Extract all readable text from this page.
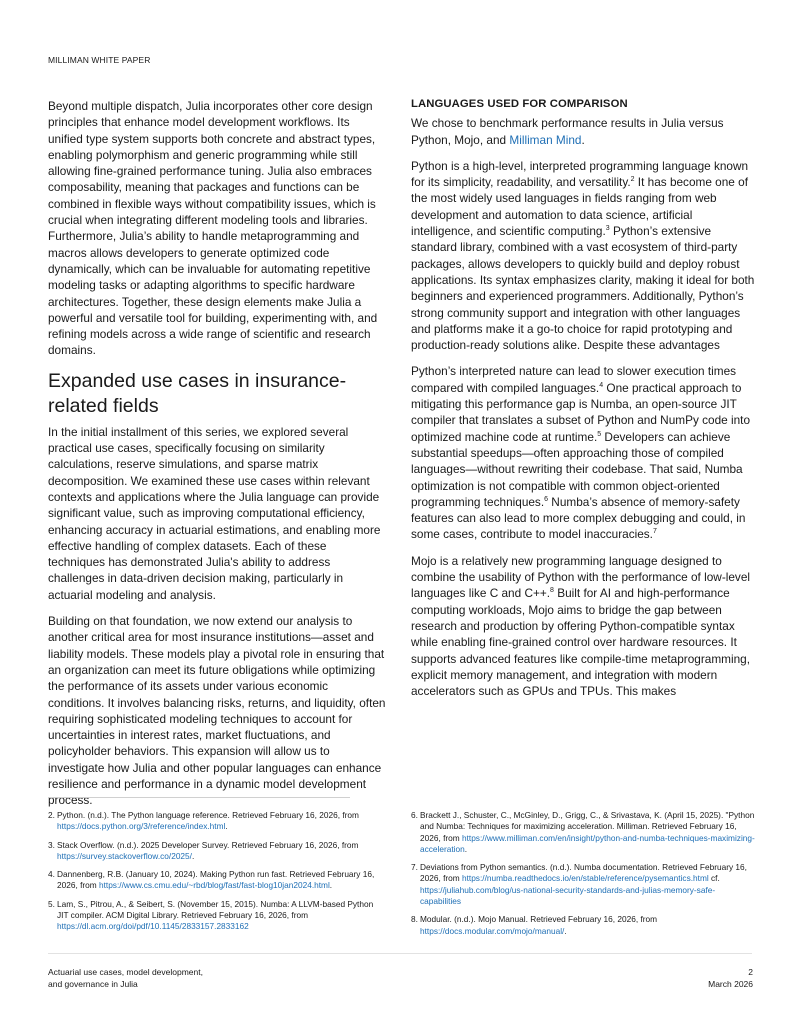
MILLIMAN WHITE PAPER

Beyond multiple dispatch, Julia incorporates other core design principles that enhance model development workflows. Its unified type system supports both concrete and abstract types, enabling polymorphism and generic programming while still allowing fine-grained performance tuning. Julia also embraces composability, meaning that packages and functions can be combined in flexible ways without compatibility issues, which is crucial when integrating different modeling tools and libraries. Furthermore, Julia’s ability to handle metaprogramming and macros allows developers to generate optimized code dynamically, which can be invaluable for automating repetitive modeling tasks or adapting algorithms to specific hardware architectures. Together, these design elements make Julia a powerful and versatile tool for building, experimenting with, and refining models across a wide range of scientific and research domains.

Expanded use cases in insurance-related fields

In the initial installment of this series, we explored several practical use cases, specifically focusing on similarity calculations, reserve simulations, and sparse matrix decomposition. We examined these use cases within relevant contexts and applications where the Julia language can provide significant value, such as improving computational efficiency, enhancing accuracy in actuarial estimations, and enabling more effective handling of complex datasets. Each of these techniques has demonstrated Julia's ability to address challenges in data-driven decision making, particularly in actuarial modeling and analysis.

Building on that foundation, we now extend our analysis to another critical area for most insurance institutions—asset and liability models. These models play a pivotal role in ensuring that an organization can meet its future obligations while optimizing the performance of its assets under various economic conditions. It involves balancing risks, returns, and liquidity, often requiring sophisticated modeling techniques to account for uncertainties in interest rates, market fluctuations, and policyholder behaviors. This expansion will allow us to investigate how Julia and other popular languages can enhance resilience and performance in a dynamic model development process.

LANGUAGES USED FOR COMPARISON

We chose to benchmark performance results in Julia versus Python, Mojo, and Milliman Mind.

Python is a high-level, interpreted programming language known for its simplicity, readability, and versatility.$^2$ It has become one of the most widely used languages in fields ranging from web development and automation to data science, artificial intelligence, and scientific computing.$^3$ Python’s extensive standard library, combined with a vast ecosystem of third-party packages, allows developers to quickly build and deploy robust applications. Its syntax emphasizes clarity, making it ideal for both beginners and experienced programmers. Additionally, Python’s strong community support and integration with other languages and platforms make it a go-to choice for rapid prototyping and production-ready solutions alike. Despite these advantages

Python’s interpreted nature can lead to slower execution times compared with compiled languages.$^4$ One practical approach to mitigating this performance gap is Numba, an open-source JIT compiler that translates a subset of Python and NumPy code into optimized machine code at runtime.$^5$ Developers can achieve substantial speedups—often approaching those of compiled languages—without rewriting their codebase. That said, Numba optimization is not compatible with common object-oriented programming techniques.$^6$ Numba’s absence of memory-safety features can also lead to more complex debugging and could, in some cases, contribute to model inaccuracies.$^7$

Mojo is a relatively new programming language designed to combine the usability of Python with the performance of low-level languages like C and C++.$^8$ Built for AI and high-performance computing workloads, Mojo aims to bridge the gap between research and production by offering Python-compatible syntax while enabling fine-grained control over hardware resources. It supports advanced features like compile-time metaprogramming, explicit memory management, and integration with modern accelerators such as GPUs and TPUs. This makes

2. Python. (n.d.). The Python language reference. Retrieved February 16, 2026, from https://docs.python.org/3/reference/index.html.
3. Stack Overflow. (n.d.). 2025 Developer Survey. Retrieved February 16, 2026, from https://survey.stackoverflow.co/2025/.
4. Dannenberg, R.B. (January 10, 2024). Making Python run fast. Retrieved February 16, 2026, from https://www.cs.cmu.edu/~rbd/blog/fast/fast-blog10jan2024.html.
5. Lam, S., Pitrou, A., & Seibert, S. (November 15, 2015). Numba: A LLVM-based Python JIT compiler. ACM Digital Library. Retrieved February 16, 2026, from https://dl.acm.org/doi/pdf/10.1145/2833157.2833162
6. Brackett J., Schuster, C., McGinley, D., Grigg, C., & Srivastava, K. (April 15, 2025). "Python and Numba: Techniques for maximizing acceleration. Milliman. Retrieved February 16, 2026, from https://www.milliman.com/en/insight/python-and-numba-techniques-maximizing-acceleration.
7. Deviations from Python semantics. (n.d.). Numba documentation. Retrieved February 16, 2026, from https://numba.readthedocs.io/en/stable/reference/pysemantics.html cf. https://juliahub.com/blog/us-national-security-standards-and-julias-memory-safe-capabilities
8. Modular. (n.d.). Mojo Manual. Retrieved February 16, 2026, from https://docs.modular.com/mojo/manual/.
Actuarial use cases, model development,
and governance in Julia
2
March 2026
